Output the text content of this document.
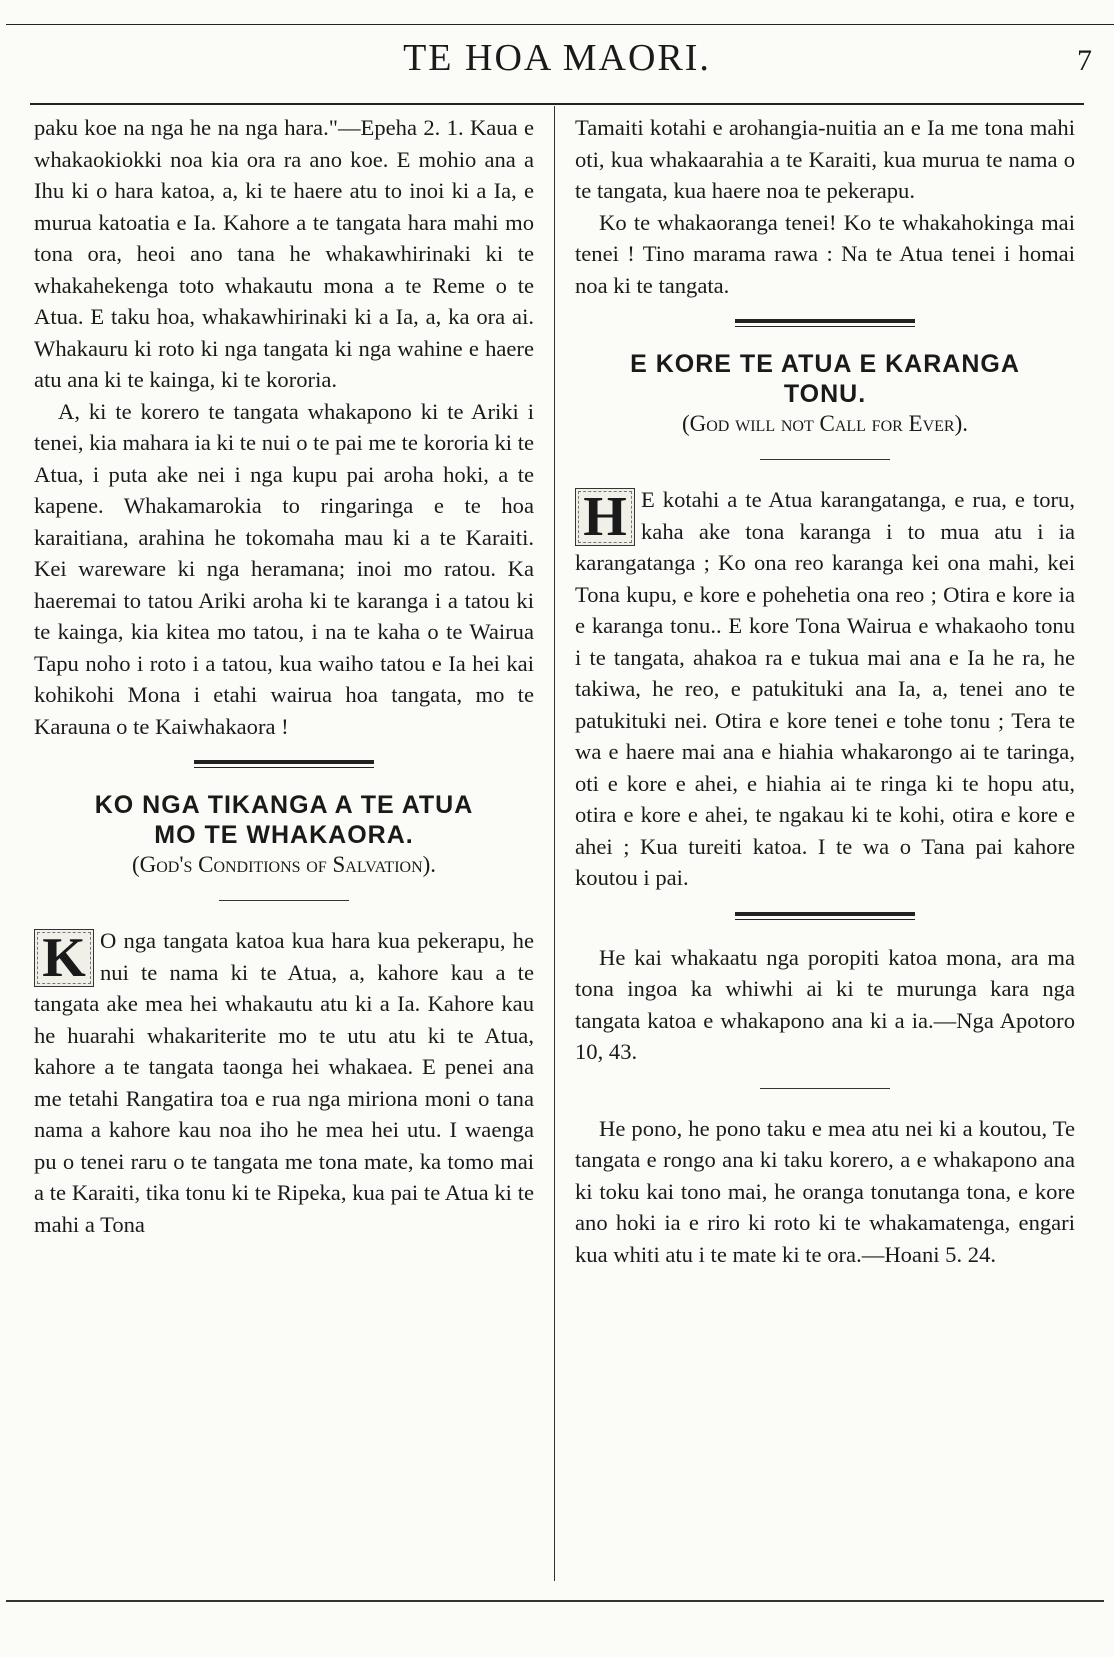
TE HOA MAORI.	7

paku koe na nga he na nga hara."—Epeha 2. 1. Kaua e whakaokiokki noa kia ora ra ano koe. E mohio ana a Ihu ki o hara katoa, a, ki te haere atu to inoi ki a Ia, e murua katoatia e Ia. Kahore a te tangata hara mahi mo tona ora, heoi ano tana he whakawhirinaki ki te whakahekenga toto whakautu mona a te Reme o te Atua. E taku hoa, whakawhirinaki ki a Ia, a, ka ora ai. Whakauru ki roto ki nga tangata ki nga wahine e haere atu ana ki te kainga, ki te kororia.

A, ki te korero te tangata whakapono ki te Ariki i tenei, kia mahara ia ki te nui o te pai me te kororia ki te Atua, i puta ake nei i nga kupu pai aroha hoki, a te kapene. Whakamarokia to ringaringa e te hoa karaitiana, arahina he tokomaha mau ki a te Karaiti. Kei wareware ki nga heramana; inoi mo ratou. Ka haeremai to tatou Ariki aroha ki te karanga i a tatou ki te kainga, kia kitea mo tatou, i na te kaha o te Wairua Tapu noho i roto i a tatou, kua waiho tatou e Ia hei kai kohikohi Mona i etahi wairua hoa tangata, mo te Karauna o te Kaiwhakaora !

KO NGA TIKANGA A TE ATUA

MO TE WHAKAORA.

(God's Conditions of Salvation).

K O nga tangata katoa kua hara kua pekerapu, he nui te nama ki te Atua, a, kahore kau a te tangata ake mea hei whakautu atu ki a Ia. Kahore kau he huarahi whakariterite mo te utu atu ki te Atua, kahore a te tangata taonga hei whakaea. E penei ana me tetahi Rangatira toa e rua nga miriona moni o tana nama a kahore kau noa iho he mea hei utu. I waenga pu o tenei raru o te tangata me tona mate, ka tomo mai a te Karaiti, tika tonu ki te Ripeka, kua pai te Atua ki te mahi a Tona

Tamaiti kotahi e arohangia-nuitia an e Ia me tona mahi oti, kua whakaarahia a te Karaiti, kua murua te nama o te tangata, kua haere noa te pekerapu.

Ko te whakaoranga tenei! Ko te whakahokinga mai tenei ! Tino marama rawa : Na te Atua tenei i homai noa ki te tangata.

E KORE TE ATUA E KARANGA

TONU.

(God will not Call for Ever).

H E kotahi a te Atua karangatanga, e rua, e toru, kaha ake tona karanga i to mua atu i ia karangatanga ; Ko ona reo karanga kei ona mahi, kei Tona kupu, e kore e pohehetia ona reo ; Otira e kore ia e karanga tonu.. E kore Tona Wairua e whakaoho tonu i te tangata, ahakoa ra e tukua mai ana e Ia he ra, he takiwa, he reo, e patukituki ana Ia, a, tenei ano te patukituki nei. Otira e kore tenei e tohe tonu ; Tera te wa e haere mai ana e hiahia whakarongo ai te taringa, oti e kore e ahei, e hiahia ai te ringa ki te hopu atu, otira e kore e ahei, te ngakau ki te kohi, otira e kore e ahei ; Kua tureiti katoa. I te wa o Tana pai kahore koutou i pai.

He kai whakaatu nga poropiti katoa mona, ara ma tona ingoa ka whiwhi ai ki te murunga kara nga tangata katoa e whakapono ana ki a ia.—Nga Apotoro 10, 43.

He pono, he pono taku e mea atu nei ki a koutou, Te tangata e rongo ana ki taku korero, a e whakapono ana ki toku kai tono mai, he oranga tonutanga tona, e kore ano hoki ia e riro ki roto ki te whakamatenga, engari kua whiti atu i te mate ki te ora.—Hoani 5. 24.
